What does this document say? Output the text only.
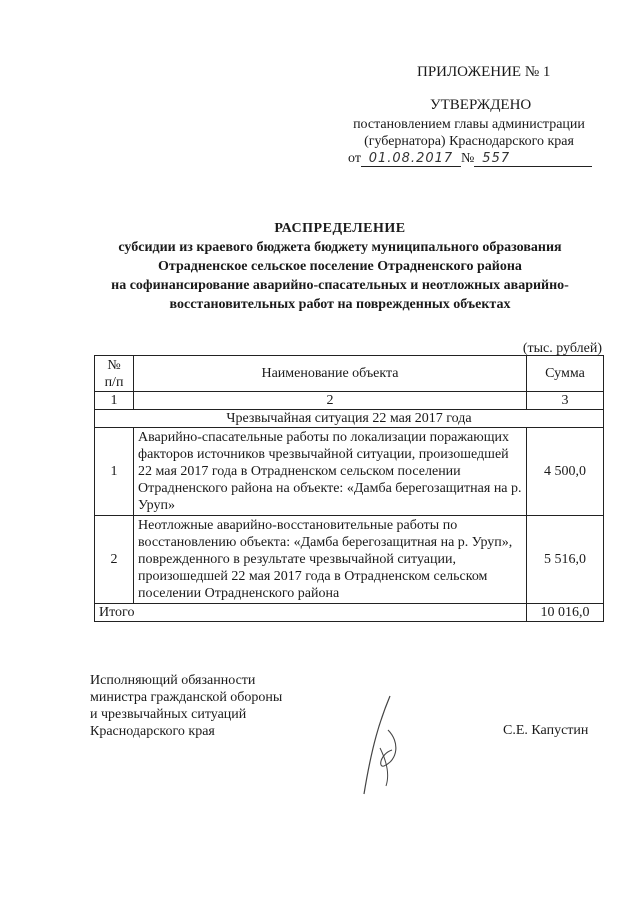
ПРИЛОЖЕНИЕ № 1
УТВЕРЖДЕНО
постановлением главы администрации
(губернатора) Краснодарского края
от 01.08.2017 № 557
РАСПРЕДЕЛЕНИЕ
субсидии из краевого бюджета бюджету муниципального образования
Отрадненское сельское поселение Отрадненского района
на софинансирование аварийно-спасательных и неотложных аварийно-
восстановительных работ на поврежденных объектах
(тыс. рублей)
№
п/п	Наименование объекта	Сумма
1	2	3
Чрезвычайная ситуация 22 мая 2017 года		
1	Аварийно-спасательные работы по локализации поражающих факторов источников чрезвычайной ситуации, произошедшей 22 мая 2017 года в Отрадненском сельском поселении Отрадненского района на объекте: «Дамба берегозащитная на р. Уруп»	4 500,0
2	Неотложные аварийно-восстановительные работы по восстановлению объекта: «Дамба берегозащитная на р. Уруп», поврежденного в результате чрезвычайной ситуации, произошедшей 22 мая 2017 года в Отрадненском сельском поселении Отрадненского района	5 516,0
Итого		10 016,0
Исполняющий обязанности
министра гражданской обороны
и чрезвычайных ситуаций
Краснодарского края	С.Е. Капустин
